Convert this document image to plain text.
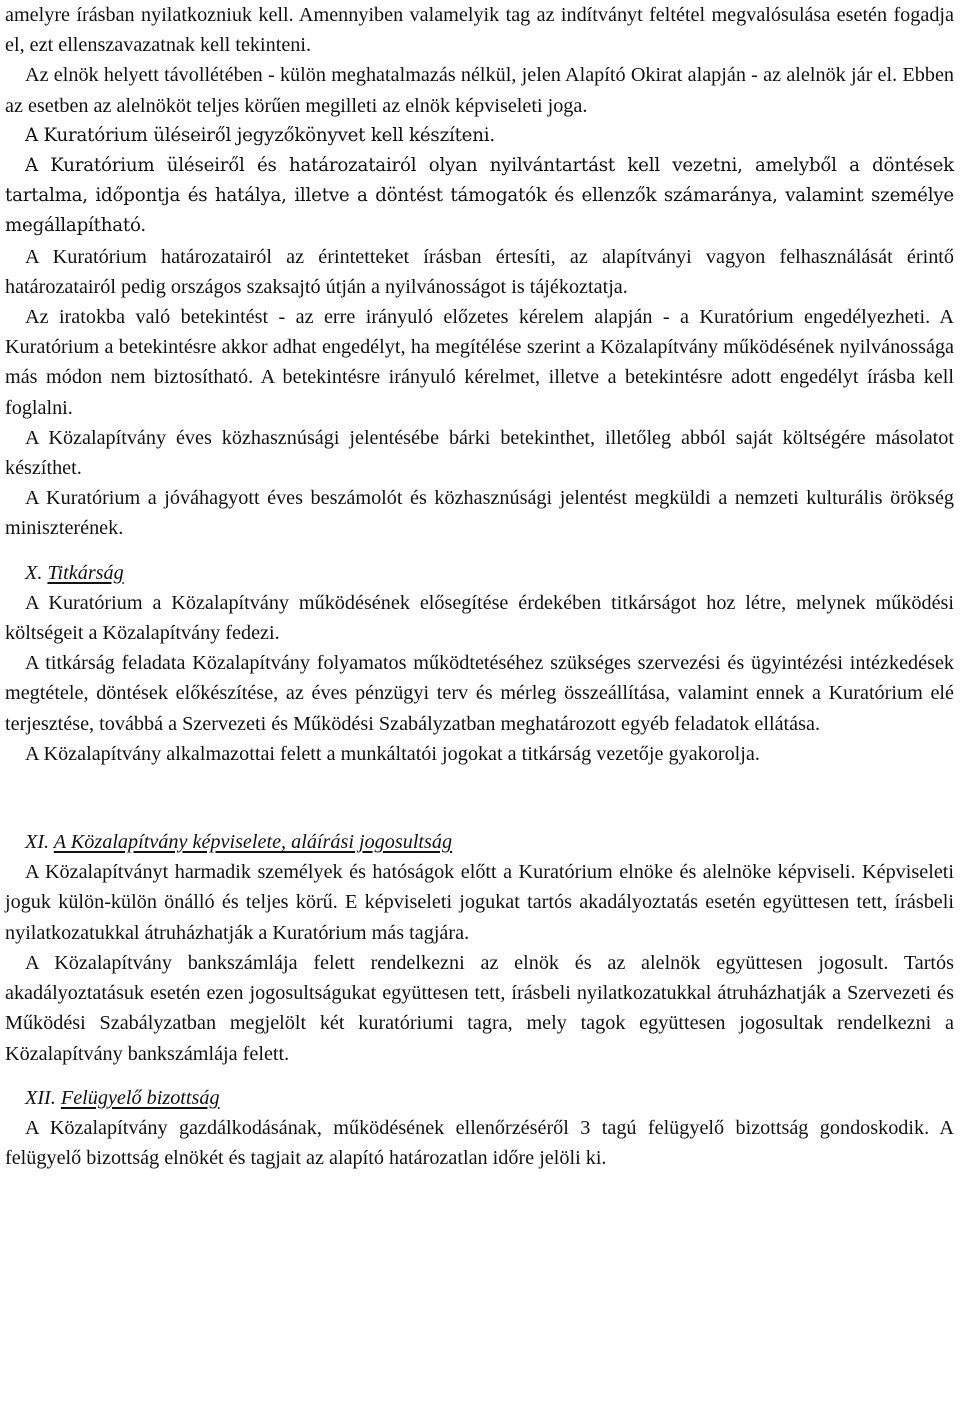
amelyre írásban nyilatkozniuk kell. Amennyiben valamelyik tag az indítványt feltétel megvalósulása esetén fogadja el, ezt ellenszavazatnak kell tekinteni.

Az elnök helyett távollétében - külön meghatalmazás nélkül, jelen Alapító Okirat alapján - az alelnök jár el. Ebben az esetben az alelnököt teljes körűen megilleti az elnök képviseleti joga.

A Kuratórium üléseiről jegyzőkönyvet kell készíteni.

A Kuratórium üléseiről és határozatairól olyan nyilvántartást kell vezetni, amelyből a döntések tartalma, időpontja és hatálya, illetve a döntést támogatók és ellenzők számaránya, valamint személye megállapítható.

A Kuratórium határozatairól az érintetteket írásban értesíti, az alapítványi vagyon felhasználását érintő határozatairól pedig országos szaksajtó útján a nyilvánosságot is tájékoztatja.

Az iratokba való betekintést - az erre irányuló előzetes kérelem alapján - a Kuratórium engedélyezheti. A Kuratórium a betekintésre akkor adhat engedélyt, ha megítélése szerint a Közalapítvány működésének nyilvánossága más módon nem biztosítható. A betekintésre irányuló kérelmet, illetve a betekintésre adott engedélyt írásba kell foglalni.

A Közalapítvány éves közhasznúsági jelentésébe bárki betekinthet, illetőleg abból saját költségére másolatot készíthet.

A Kuratórium a jóváhagyott éves beszámolót és közhasznúsági jelentést megküldi a nemzeti kulturális örökség miniszterének.

X. Titkárság

A Kuratórium a Közalapítvány működésének elősegítése érdekében titkárságot hoz létre, melynek működési költségeit a Közalapítvány fedezi.

A titkárság feladata Közalapítvány folyamatos működtetéséhez szükséges szervezési és ügyintézési intézkedések megtétele, döntések előkészítése, az éves pénzügyi terv és mérleg összeállítása, valamint ennek a Kuratórium elé terjesztése, továbbá a Szervezeti és Működési Szabályzatban meghatározott egyéb feladatok ellátása.

A Közalapítvány alkalmazottai felett a munkáltatói jogokat a titkárság vezetője gyakorolja.

XI. A Közalapítvány képviselete, aláírási jogosultság

A Közalapítványt harmadik személyek és hatóságok előtt a Kuratórium elnöke és alelnöke képviseli. Képviseleti joguk külön-külön önálló és teljes körű. E képviseleti jogukat tartós akadályoztatás esetén együttesen tett, írásbeli nyilatkozatukkal átruházhatják a Kuratórium más tagjára.

A Közalapítvány bankszámlája felett rendelkezni az elnök és az alelnök együttesen jogosult. Tartós akadályoztatásuk esetén ezen jogosultságukat együttesen tett, írásbeli nyilatkozatukkal átruházhatják a Szervezeti és Működési Szabályzatban megjelölt két kuratóriumi tagra, mely tagok együttesen jogosultak rendelkezni a Közalapítvány bankszámlája felett.

XII. Felügyelő bizottság

A Közalapítvány gazdálkodásának, működésének ellenőrzéséről 3 tagú felügyelő bizottság gondoskodik. A felügyelő bizottság elnökét és tagjait az alapító határozatlan időre jelöli ki.
